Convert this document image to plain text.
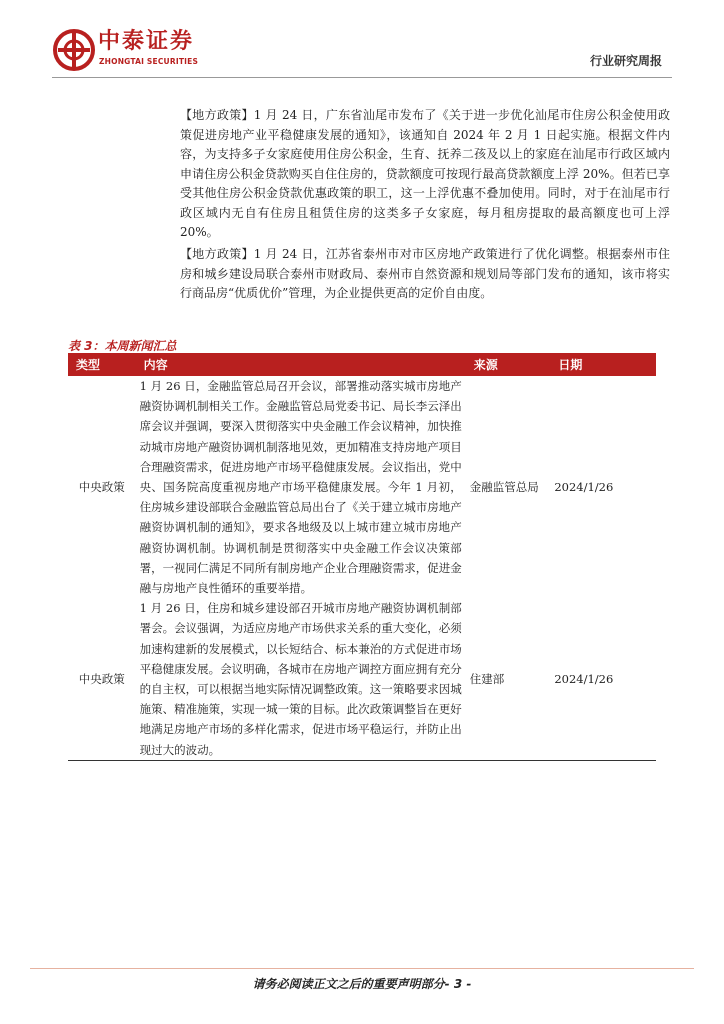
中泰证券
ZHONGTAI SECURITIES	行业研究周报
【地方政策】1 月 24 日，广东省汕尾市发布了《关于进一步优化汕尾市住房公积金使用政策促进房地产业平稳健康发展的通知》，该通知自 2024 年 2 月 1 日起实施。根据文件内容，为支持多子女家庭使用住房公积金，生育、抚养二孩及以上的家庭在汕尾市行政区域内申请住房公积金贷款购买自住住房的，贷款额度可按现行最高贷款额度上浮 20%。但若已享受其他住房公积金贷款优惠政策的职工，这一上浮优惠不叠加使用。同时，对于在汕尾市行政区域内无自有住房且租赁住房的这类多子女家庭，每月租房提取的最高额度也可上浮 20%。
【地方政策】1 月 24 日，江苏省泰州市对市区房地产政策进行了优化调整。根据泰州市住房和城乡建设局联合泰州市财政局、泰州市自然资源和规划局等部门发布的通知，该市将实行商品房“优质优价”管理，为企业提供更高的定价自由度。
表 3：本周新闻汇总
类型	内容	来源	日期
中央政策	1 月 26 日，金融监管总局召开会议，部署推动落实城市房地产融资协调机制相关工作。金融监管总局党委书记、局长李云泽出席会议并强调，要深入贯彻落实中央金融工作会议精神，加快推动城市房地产融资协调机制落地见效，更加精准支持房地产项目合理融资需求，促进房地产市场平稳健康发展。会议指出，党中央、国务院高度重视房地产市场平稳健康发展。今年 1 月初，住房城乡建设部联合金融监管总局出台了《关于建立城市房地产融资协调机制的通知》，要求各地级及以上城市建立城市房地产融资协调机制。协调机制是贯彻落实中央金融工作会议决策部署，一视同仁满足不同所有制房地产企业合理融资需求，促进金融与房地产良性循环的重要举措。	金融监管总局	2024/1/26
中央政策	1 月 26 日，住房和城乡建设部召开城市房地产融资协调机制部署会。会议强调，为适应房地产市场供求关系的重大变化，必须加速构建新的发展模式，以长短结合、标本兼治的方式促进市场平稳健康发展。会议明确，各城市在房地产调控方面应拥有充分的自主权，可以根据当地实际情况调整政策。这一策略要求因城施策、精准施策，实现一城一策的目标。此次政策调整旨在更好地满足房地产市场的多样化需求，促进市场平稳运行，并防止出现过大的波动。	住建部	2024/1/26
请务必阅读正文之后的重要声明部分- 3 -
